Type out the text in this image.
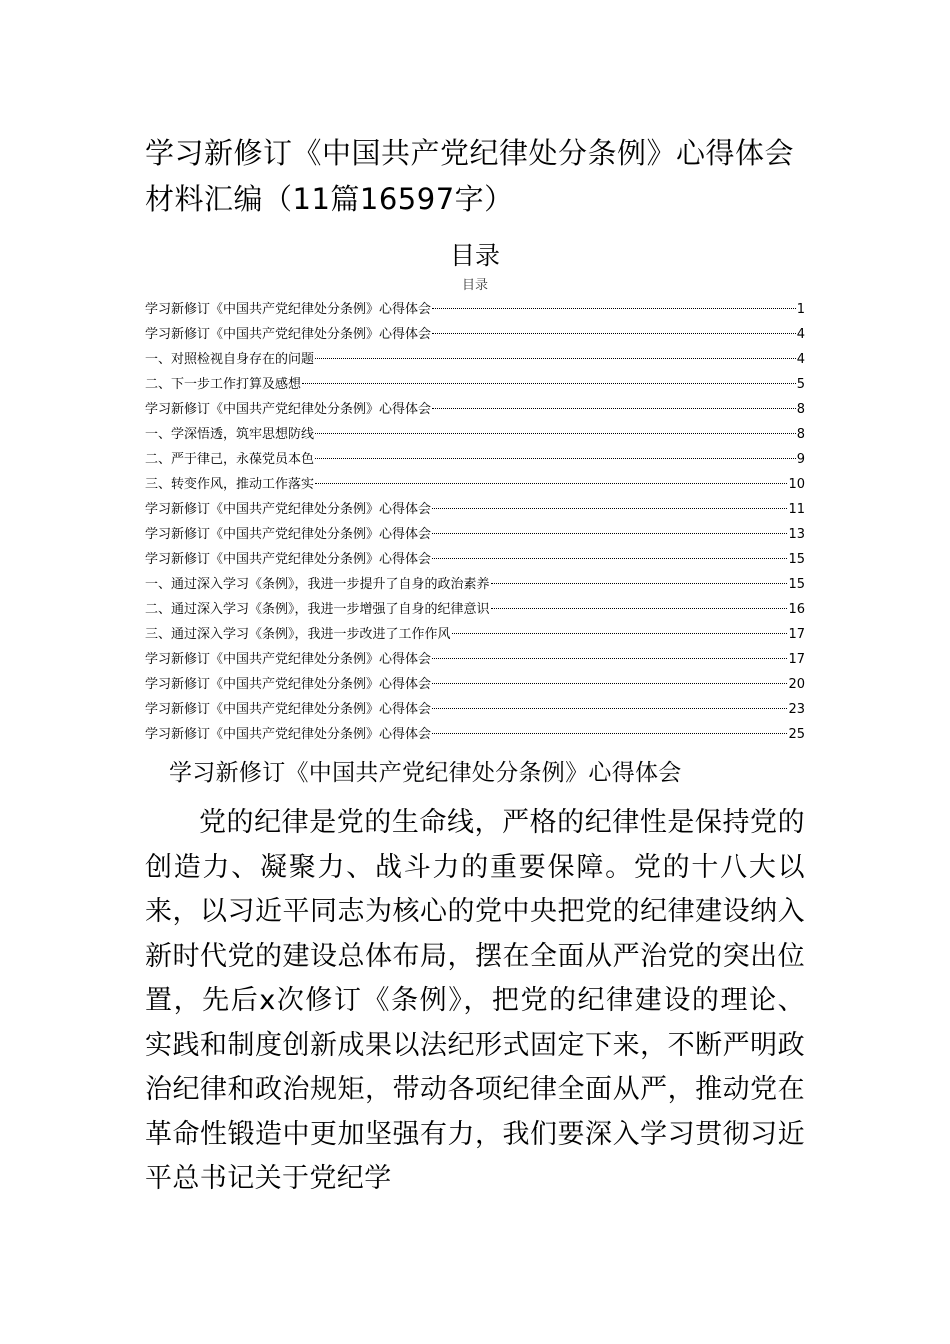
学习新修订《中国共产党纪律处分条例》心得体会材料汇编（11篇16597字）
目录
目录
学习新修订《中国共产党纪律处分条例》心得体会	1
学习新修订《中国共产党纪律处分条例》心得体会	4
一、对照检视自身存在的问题	4
二、下一步工作打算及感想	5
学习新修订《中国共产党纪律处分条例》心得体会	8
一、学深悟透，筑牢思想防线	8
二、严于律己，永葆党员本色	9
三、转变作风，推动工作落实	10
学习新修订《中国共产党纪律处分条例》心得体会	11
学习新修订《中国共产党纪律处分条例》心得体会	13
学习新修订《中国共产党纪律处分条例》心得体会	15
一、通过深入学习《条例》，我进一步提升了自身的政治素养	15
二、通过深入学习《条例》，我进一步增强了自身的纪律意识	16
三、通过深入学习《条例》，我进一步改进了工作作风	17
学习新修订《中国共产党纪律处分条例》心得体会	17
学习新修订《中国共产党纪律处分条例》心得体会	20
学习新修订《中国共产党纪律处分条例》心得体会	23
学习新修订《中国共产党纪律处分条例》心得体会	25
学习新修订《中国共产党纪律处分条例》心得体会
党的纪律是党的生命线，严格的纪律性是保持党的创造力、凝聚力、战斗力的重要保障。党的十八大以来，以习近平同志为核心的党中央把党的纪律建设纳入新时代党的建设总体布局，摆在全面从严治党的突出位置，先后x次修订《条例》，把党的纪律建设的理论、实践和制度创新成果以法纪形式固定下来，不断严明政治纪律和政治规矩，带动各项纪律全面从严，推动党在革命性锻造中更加坚强有力，我们要深入学习贯彻习近平总书记关于党纪学
